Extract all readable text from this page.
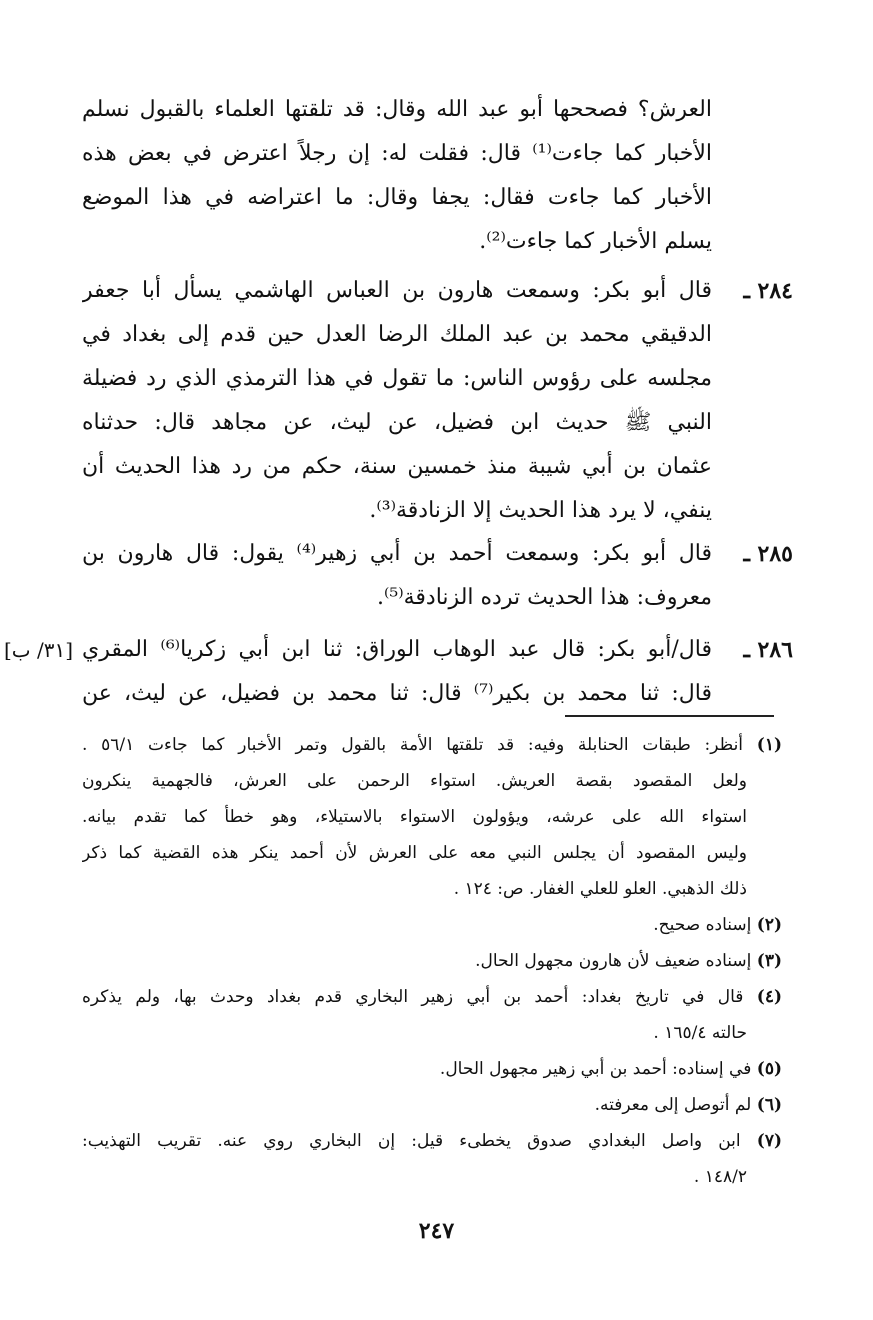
العرش؟ فصححها أبو عبد الله وقال: قد تلقتها العلماء بالقبول نسلم
الأخبار كما جاءت⁽¹⁾ قال: فقلت له: إن رجلاً اعترض في بعض هذه
الأخبار كما جاءت فقال: يجفا وقال: ما اعتراضه في هذا الموضع
يسلم الأخبار كما جاءت⁽²⁾.
٢٨٤ ـ
قال أبو بكر: وسمعت هارون بن العباس الهاشمي يسأل أبا جعفر
الدقيقي محمد بن عبد الملك الرضا العدل حين قدم إلى بغداد في
مجلسه على رؤوس الناس: ما تقول في هذا الترمذي الذي رد فضيلة
النبي ﷺ حديث ابن فضيل، عن ليث، عن مجاهد قال: حدثناه
عثمان بن أبي شيبة منذ خمسين سنة، حكم من رد هذا الحديث أن
ينفي، لا يرد هذا الحديث إلا الزنادقة⁽³⁾.
٢٨٥ ـ
قال أبو بكر: وسمعت أحمد بن أبي زهير⁽⁴⁾ يقول: قال هارون بن
معروف: هذا الحديث ترده الزنادقة⁽⁵⁾.
[٣١/ ب]	٢٨٦ ـ
قال/أبو بكر: قال عبد الوهاب الوراق: ثنا ابن أبي زكريا⁽⁶⁾ المقري
قال: ثنا محمد بن بكير⁽⁷⁾ قال: ثنا محمد بن فضيل، عن ليث، عن
(١) أنظر: طبقات الحنابلة وفيه: قد تلقتها الأمة بالقول وتمر الأخبار كما جاءت ٥٦/١ .
ولعل المقصود بقصة العريش. استواء الرحمن على العرش، فالجهمية ينكرون
استواء الله على عرشه، ويؤولون الاستواء بالاستيلاء، وهو خطأ كما تقدم بيانه.
وليس المقصود أن يجلس النبي معه على العرش لأن أحمد ينكر هذه القضية كما ذكر
ذلك الذهبي. العلو للعلي الغفار. ص: ١٢٤ .
(٢) إسناده صحيح.
(٣) إسناده ضعيف لأن هارون مجهول الحال.
(٤) قال في تاريخ بغداد: أحمد بن أبي زهير البخاري قدم بغداد وحدث بها، ولم يذكره
حالته ١٦٥/٤ .
(٥) في إسناده: أحمد بن أبي زهير مجهول الحال.
(٦) لم أتوصل إلى معرفته.
(٧) ابن واصل البغدادي صدوق يخطىء قيل: إن البخاري روي عنه. تقريب التهذيب:
١٤٨/٢ .
٢٤٧
